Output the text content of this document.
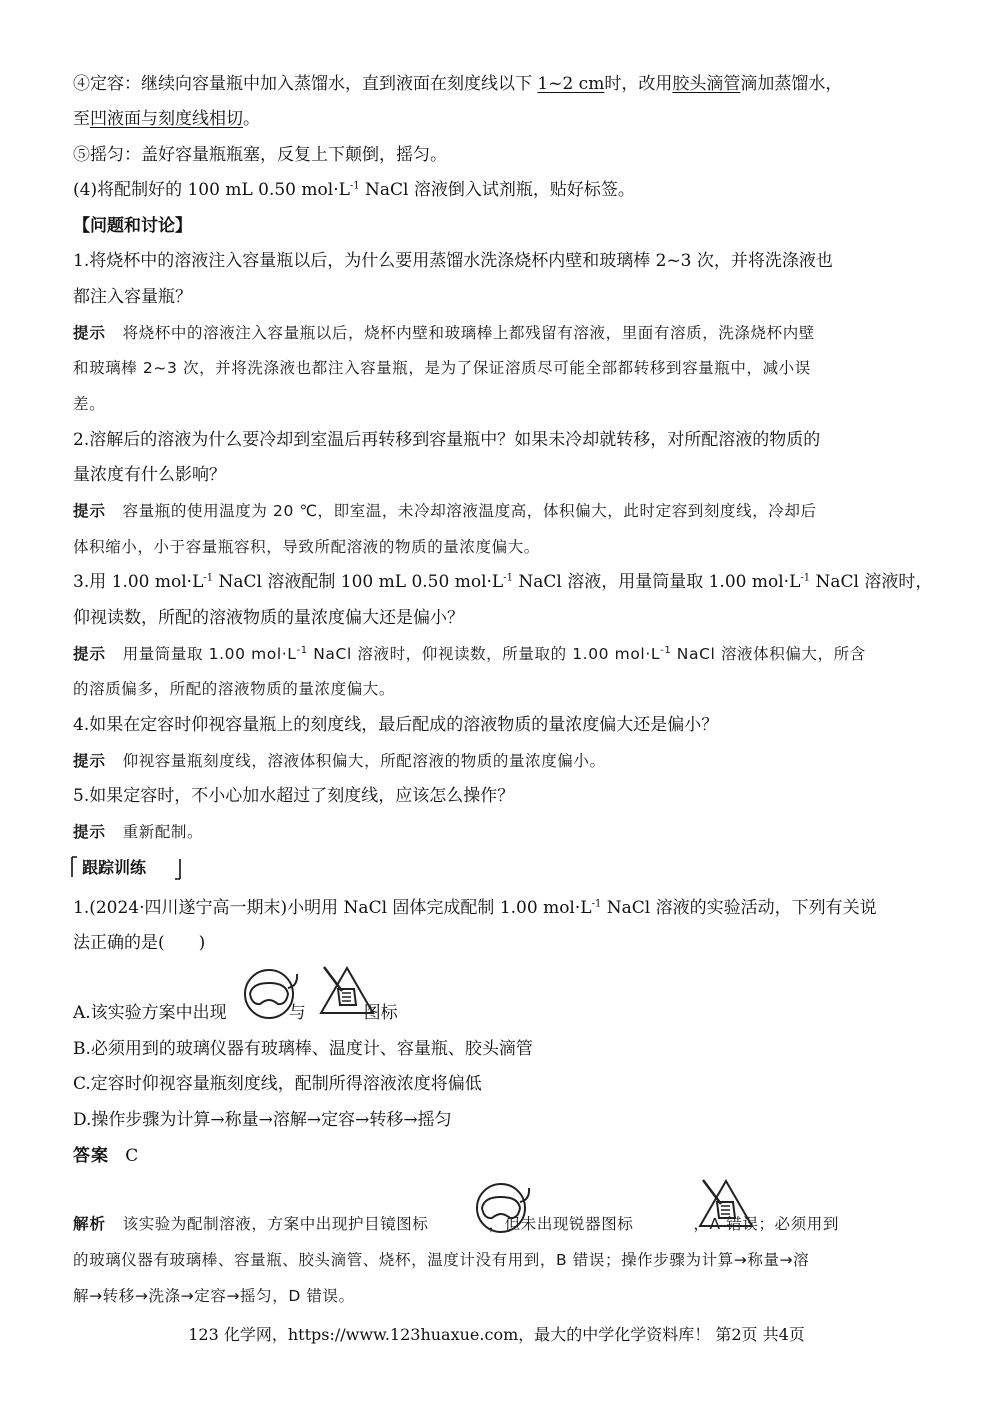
④定容：继续向容量瓶中加入蒸馏水，直到液面在刻度线以下 1~2 cm时，改用胶头滴管滴加蒸馏水，
至凹液面与刻度线相切。
⑤摇匀：盖好容量瓶瓶塞，反复上下颠倒，摇匀。
(4)将配制好的 100 mL 0.50 $mol\cdot L^{-1}$ NaCl 溶液倒入试剂瓶，贴好标签。
【问题和讨论】
1.将烧杯中的溶液注入容量瓶以后，为什么要用蒸馏水洗涤烧杯内壁和玻璃棒 2~3 次，并将洗涤液也
都注入容量瓶？
提示 将烧杯中的溶液注入容量瓶以后，烧杯内壁和玻璃棒上都残留有溶液，里面有溶质，洗涤烧杯内壁
和玻璃棒 2~3 次，并将洗涤液也都注入容量瓶，是为了保证溶质尽可能全部都转移到容量瓶中，减小误
差。
2.溶解后的溶液为什么要冷却到室温后再转移到容量瓶中？如果未冷却就转移，对所配溶液的物质的
量浓度有什么影响？
提示 容量瓶的使用温度为 20 ℃，即室温，未冷却溶液温度高，体积偏大，此时定容到刻度线，冷却后
体积缩小，小于容量瓶容积，导致所配溶液的物质的量浓度偏大。
3.用 1.00 $mol\cdot L^{-1}$ NaCl 溶液配制 100 mL 0.50 $mol\cdot L^{-1}$ NaCl 溶液，用量筒量取 1.00 $mol\cdot L^{-1}$ NaCl 溶液时，
仰视读数，所配的溶液物质的量浓度偏大还是偏小？
提示 用量筒量取 1.00 $mol\cdot L^{-1}$ NaCl 溶液时，仰视读数，所量取的 1.00 $mol\cdot L^{-1}$ NaCl 溶液体积偏大，所含
的溶质偏多，所配的溶液物质的量浓度偏大。
4.如果在定容时仰视容量瓶上的刻度线，最后配成的溶液物质的量浓度偏大还是偏小？
提示 仰视容量瓶刻度线，溶液体积偏大，所配溶液的物质的量浓度偏小。
5.如果定容时，不小心加水超过了刻度线，应该怎么操作？
提示 重新配制。
跟踪训练
1.(2024·四川遂宁高一期末)小明用 NaCl 固体完成配制 1.00 $mol\cdot L^{-1}$ NaCl 溶液的实验活动，下列有关说
法正确的是(　　)
A.该实验方案中出现	与	图标
B.必须用到的玻璃仪器有玻璃棒、温度计、容量瓶、胶头滴管
C.定容时仰视容量瓶刻度线，配制所得溶液浓度将偏低
D.操作步骤为计算→称量→溶解→定容→转移→摇匀
答案 C
解析 该实验为配制溶液，方案中出现护目镜图标	，但未出现锐器图标	，A 错误；必须用到
的玻璃仪器有玻璃棒、容量瓶、胶头滴管、烧杯，温度计没有用到，B 错误；操作步骤为计算→称量→溶
解→转移→洗涤→定容→摇匀，D 错误。
123 化学网，https://www.123huaxue.com，最大的中学化学资料库！ 第2页 共4页
